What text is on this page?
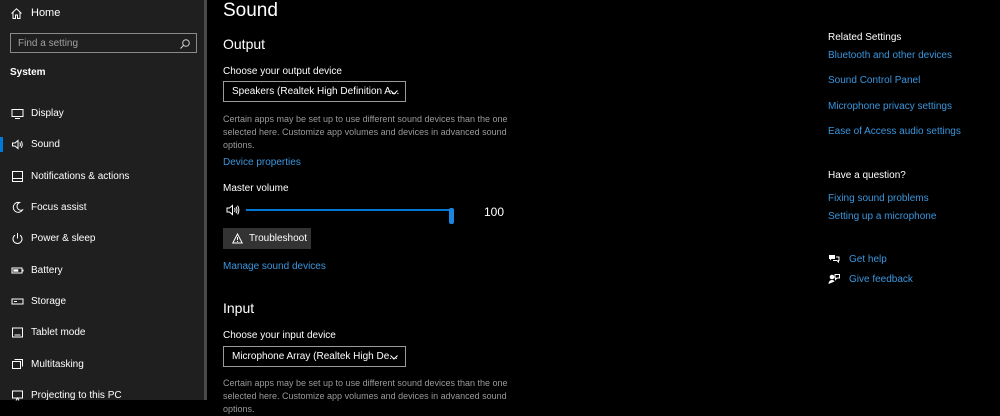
Home
Find a setting
System
Display
Sound
Notifications & actions
Focus assist
Power & sleep
Battery
Storage
Tablet mode
Multitasking
Projecting to this PC
Sound
Output
Choose your output device
Speakers (Realtek High Definition A...
Certain apps may be set up to use different sound devices than the one selected here. Customize app volumes and devices in advanced sound options.
Device properties
Master volume
100
Troubleshoot
Manage sound devices
Input
Choose your input device
Microphone Array (Realtek High De...
Certain apps may be set up to use different sound devices than the one selected here. Customize app volumes and devices in advanced sound options.
Related Settings
Bluetooth and other devices
Sound Control Panel
Microphone privacy settings
Ease of Access audio settings
Have a question?
Fixing sound problems
Setting up a microphone
Get help
Give feedback
